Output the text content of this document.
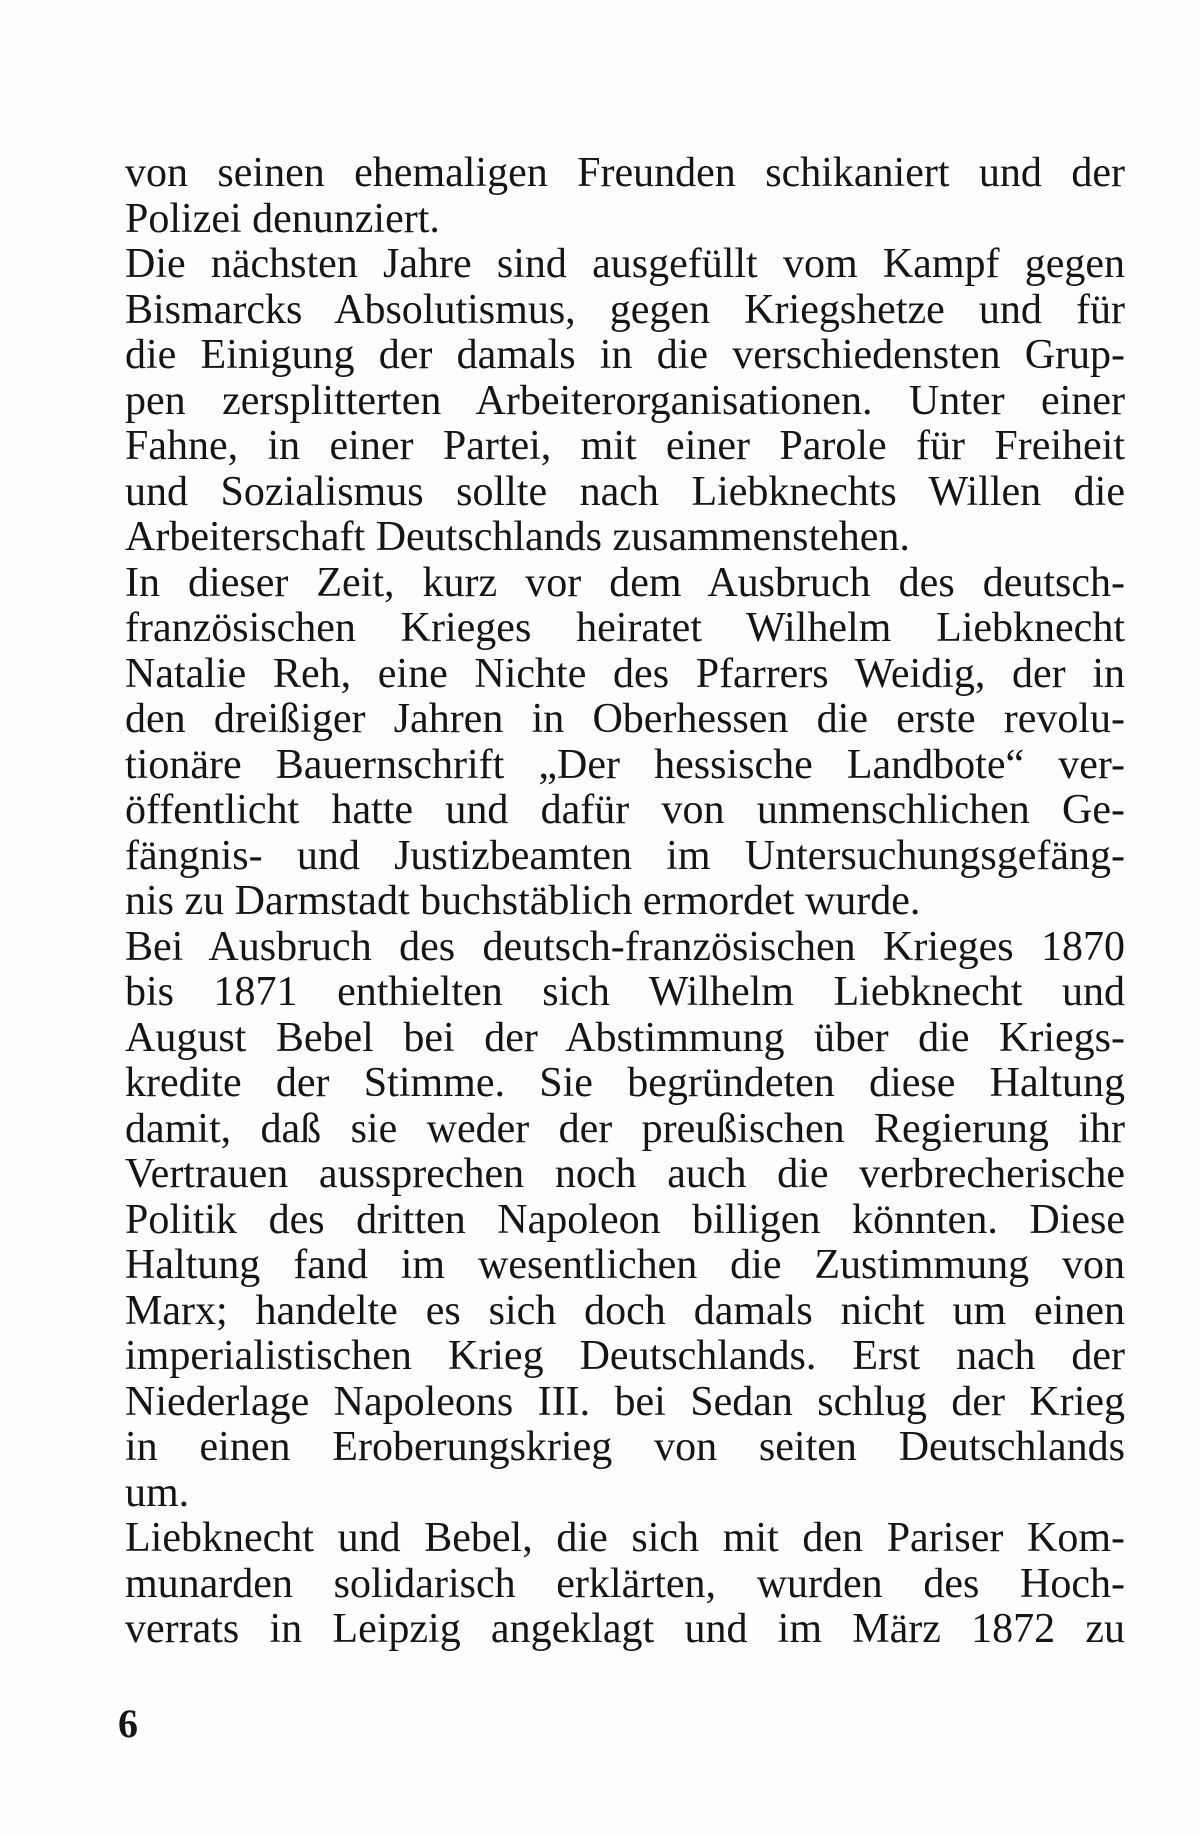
von seinen ehemaligen Freunden schikaniert und der
Polizei denunziert.
Die nächsten Jahre sind ausgefüllt vom Kampf gegen
Bismarcks Absolutismus, gegen Kriegshetze und für
die Einigung der damals in die verschiedensten Grup-
pen zersplitterten Arbeiterorganisationen. Unter einer
Fahne, in einer Partei, mit einer Parole für Freiheit
und Sozialismus sollte nach Liebknechts Willen die
Arbeiterschaft Deutschlands zusammenstehen.
In dieser Zeit, kurz vor dem Ausbruch des deutsch-
französischen Krieges heiratet Wilhelm Liebknecht
Natalie Reh, eine Nichte des Pfarrers Weidig, der in
den dreißiger Jahren in Oberhessen die erste revolu-
tionäre Bauernschrift „Der hessische Landbote“ ver-
öffentlicht hatte und dafür von unmenschlichen Ge-
fängnis- und Justizbeamten im Untersuchungsgefäng-
nis zu Darmstadt buchstäblich ermordet wurde.
Bei Ausbruch des deutsch-französischen Krieges 1870
bis 1871 enthielten sich Wilhelm Liebknecht und
August Bebel bei der Abstimmung über die Kriegs-
kredite der Stimme. Sie begründeten diese Haltung
damit, daß sie weder der preußischen Regierung ihr
Vertrauen aussprechen noch auch die verbrecherische
Politik des dritten Napoleon billigen könnten. Diese
Haltung fand im wesentlichen die Zustimmung von
Marx; handelte es sich doch damals nicht um einen
imperialistischen Krieg Deutschlands. Erst nach der
Niederlage Napoleons III. bei Sedan schlug der Krieg
in einen Eroberungskrieg von seiten Deutschlands
um.
Liebknecht und Bebel, die sich mit den Pariser Kom-
munarden solidarisch erklärten, wurden des Hoch-
verrats in Leipzig angeklagt und im März 1872 zu
6
